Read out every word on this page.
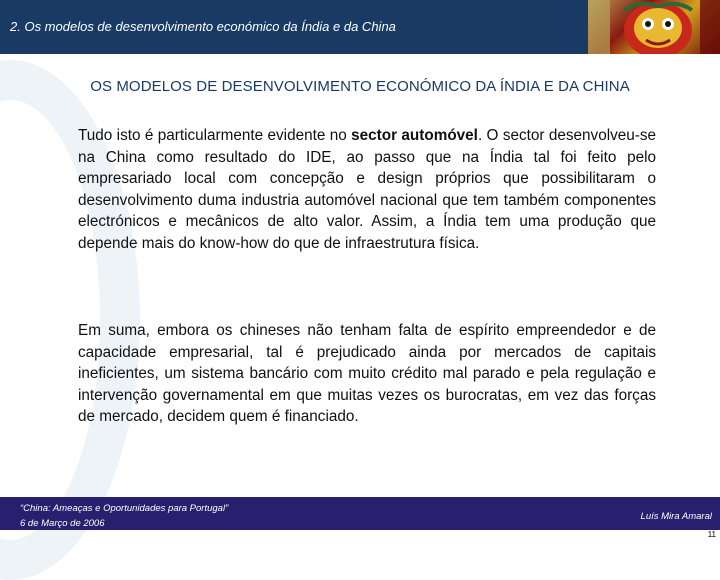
2. Os modelos de desenvolvimento económico da Índia e da China
OS MODELOS DE DESENVOLVIMENTO ECONÓMICO DA ÍNDIA E DA CHINA

Tudo isto é particularmente evidente no sector automóvel. O sector desenvolveu-se na China como resultado do IDE, ao passo que na Índia tal foi feito pelo empresariado local com concepção e design próprios que possibilitaram o desenvolvimento duma industria automóvel nacional que tem também componentes electrónicos e mecânicos de alto valor. Assim, a Índia tem uma produção que depende mais do know-how do que de infraestrutura física.

Em suma, embora os chineses não tenham falta de espírito empreendedor e de capacidade empresarial, tal é prejudicado ainda por mercados de capitais ineficientes, um sistema bancário com muito crédito mal parado e pela regulação e intervenção governamental em que muitas vezes os burocratas, em vez das forças de mercado, decidem quem é financiado.

“China: Ameaças e Oportunidades para Portugal”
6 de Março de 2006
Luís Mira Amaral
11
